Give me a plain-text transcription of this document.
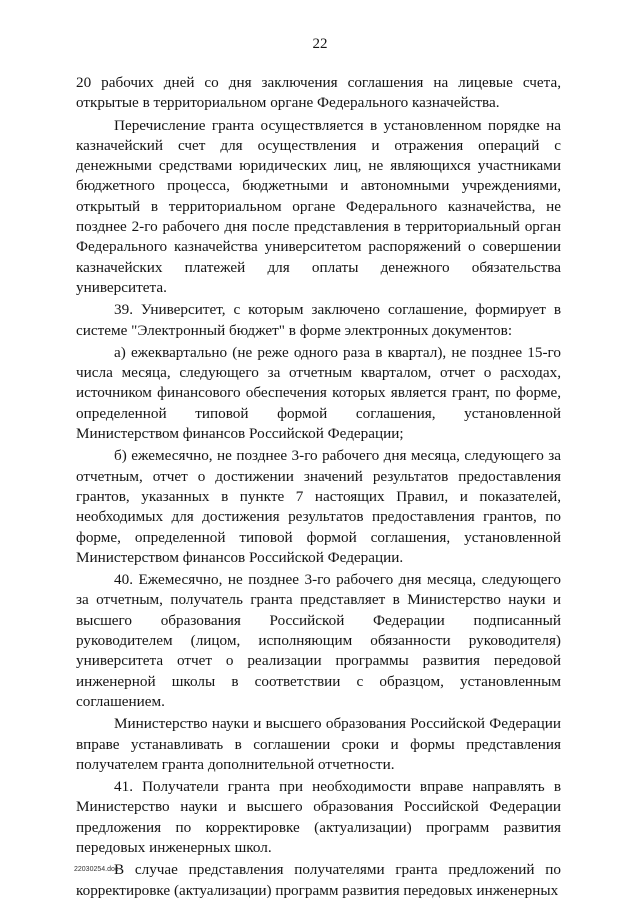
22

20 рабочих дней со дня заключения соглашения на лицевые счета, открытые в территориальном органе Федерального казначейства.

Перечисление гранта осуществляется в установленном порядке на казначейский счет для осуществления и отражения операций с денежными средствами юридических лиц, не являющихся участниками бюджетного процесса, бюджетными и автономными учреждениями, открытый в территориальном органе Федерального казначейства, не позднее 2-го рабочего дня после представления в территориальный орган Федерального казначейства университетом распоряжений о совершении казначейских платежей для оплаты денежного обязательства университета.

39. Университет, с которым заключено соглашение, формирует в системе "Электронный бюджет" в форме электронных документов:

а) ежеквартально (не реже одного раза в квартал), не позднее 15-го числа месяца, следующего за отчетным кварталом, отчет о расходах, источником финансового обеспечения которых является грант, по форме, определенной типовой формой соглашения, установленной Министерством финансов Российской Федерации;

б) ежемесячно, не позднее 3-го рабочего дня месяца, следующего за отчетным, отчет о достижении значений результатов предоставления грантов, указанных в пункте 7 настоящих Правил, и показателей, необходимых для достижения результатов предоставления грантов, по форме, определенной типовой формой соглашения, установленной Министерством финансов Российской Федерации.

40. Ежемесячно, не позднее 3-го рабочего дня месяца, следующего за отчетным, получатель гранта представляет в Министерство науки и высшего образования Российской Федерации подписанный руководителем (лицом, исполняющим обязанности руководителя) университета отчет о реализации программы развития передовой инженерной школы в соответствии с образцом, установленным соглашением.

Министерство науки и высшего образования Российской Федерации вправе устанавливать в соглашении сроки и формы представления получателем гранта дополнительной отчетности.

41. Получатели гранта при необходимости вправе направлять в Министерство науки и высшего образования Российской Федерации предложения по корректировке (актуализации) программ развития передовых инженерных школ.

В случае представления получателями гранта предложений по корректировке (актуализации) программ развития передовых инженерных

22030254.doc
